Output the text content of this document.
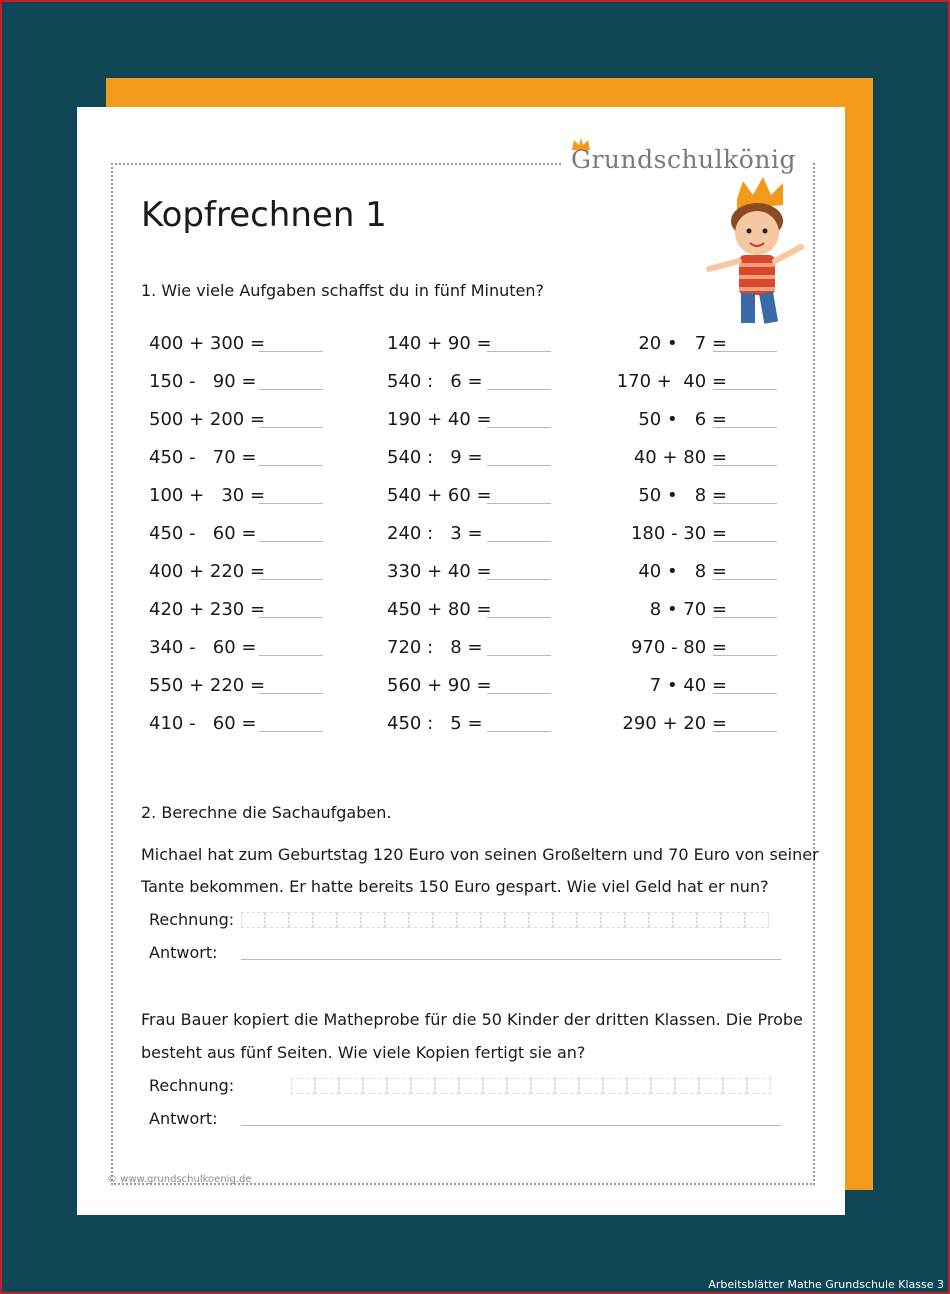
Grundschulkönig
Kopfrechnen 1
1. Wie viele Aufgaben schaffst du in fünf Minuten?
400 + 300 =
150 -   90 =
500 + 200 =
450 -   70 =
100 +   30 =
450 -   60 =
400 + 220 =
420 + 230 =
340 -   60 =
550 + 220 =
410 -   60 =
140 + 90 =
540 :   6 =
190 + 40 =
540 :   9 =
540 + 60 =
240 :   3 =
330 + 40 =
450 + 80 =
720 :   8 =
560 + 90 =
450 :   5 =
20 •   7 =
170 +  40 =
50 •   6 =
40 + 80 =
50 •   8 =
180 - 30 =
40 •   8 =
8 • 70 =
970 - 80 =
7 • 40 =
290 + 20 =
2. Berechne die Sachaufgaben.
Michael hat zum Geburtstag 120 Euro von seinen Großeltern und 70 Euro von seiner
Tante bekommen. Er hatte bereits 150 Euro gespart. Wie viel Geld hat er nun?
Rechnung:
Antwort:
Frau Bauer kopiert die Matheprobe für die 50 Kinder der dritten Klassen. Die Probe
besteht aus fünf Seiten. Wie viele Kopien fertigt sie an?
Rechnung:
Antwort:
© www.grundschulkoenig.de
Arbeitsblätter Mathe Grundschule Klasse 3
